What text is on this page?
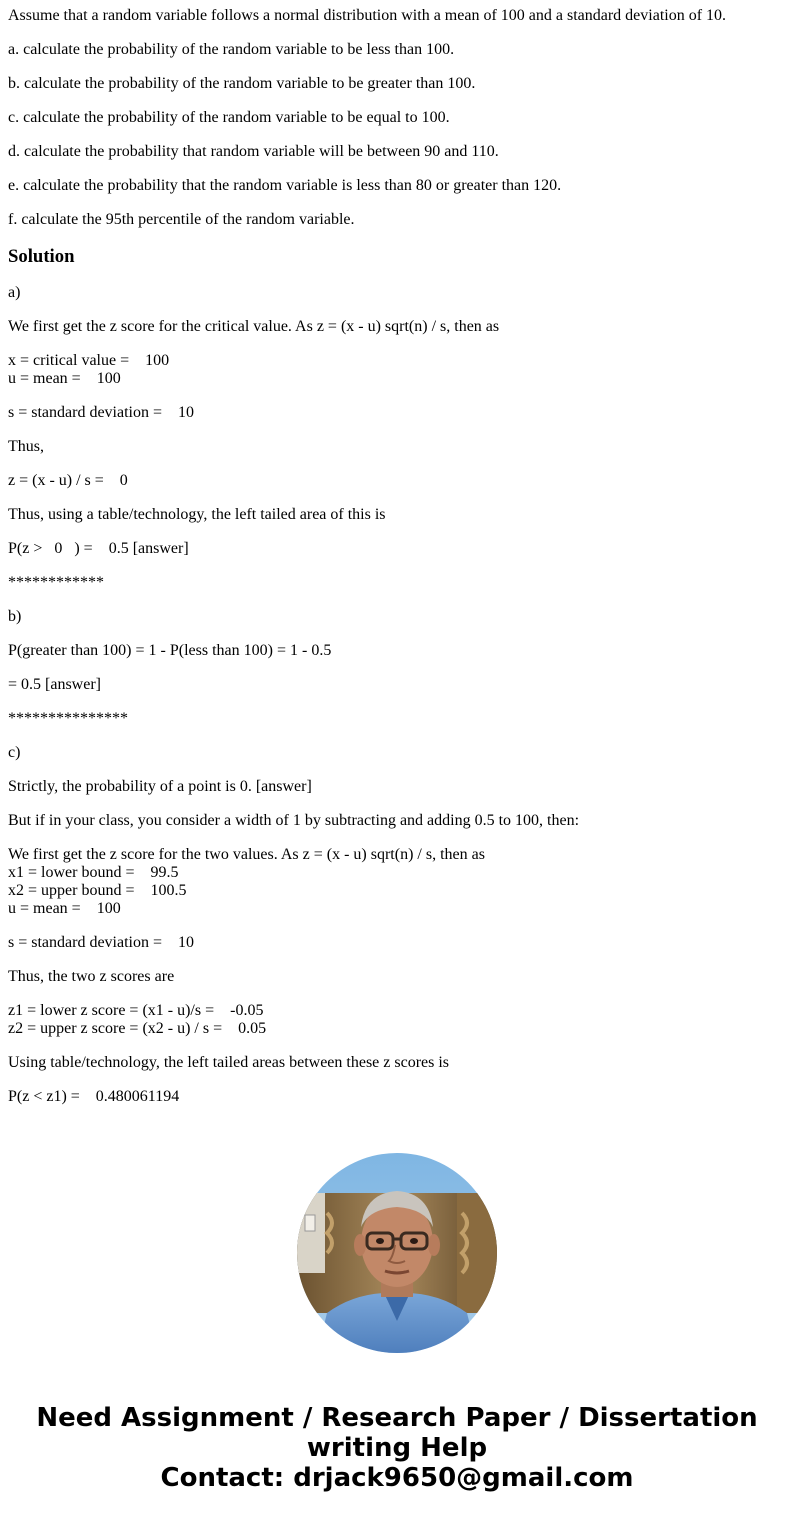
Assume that a random variable follows a normal distribution with a mean of 100 and a standard deviation of 10.

a. calculate the probability of the random variable to be less than 100.

b. calculate the probability of the random variable to be greater than 100.

c. calculate the probability of the random variable to be equal to 100.

d. calculate the probability that random variable will be between 90 and 110.

e. calculate the probability that the random variable is less than 80 or greater than 120.

f. calculate the 95th percentile of the random variable.

Solution

a)

We first get the z score for the critical value. As z = (x - u) sqrt(n) / s, then as

x = critical value =    100
u = mean =    100

s = standard deviation =    10

Thus,

z = (x - u) / s =    0

Thus, using a table/technology, the left tailed area of this is

P(z >   0   ) =    0.5 [answer]

************

b)

P(greater than 100) = 1 - P(less than 100) = 1 - 0.5

= 0.5 [answer]

***************

c)

Strictly, the probability of a point is 0. [answer]

But if in your class, you consider a width of 1 by subtracting and adding 0.5 to 100, then:

We first get the z score for the two values. As z = (x - u) sqrt(n) / s, then as
x1 = lower bound =    99.5
x2 = upper bound =    100.5
u = mean =    100

s = standard deviation =    10

Thus, the two z scores are

z1 = lower z score = (x1 - u)/s =    -0.05
z2 = upper z score = (x2 - u) / s =    0.05

Using table/technology, the left tailed areas between these z scores is

P(z < z1) =    0.480061194

Need Assignment / Research Paper / Dissertation
writing Help
Contact: drjack9650@gmail.com
